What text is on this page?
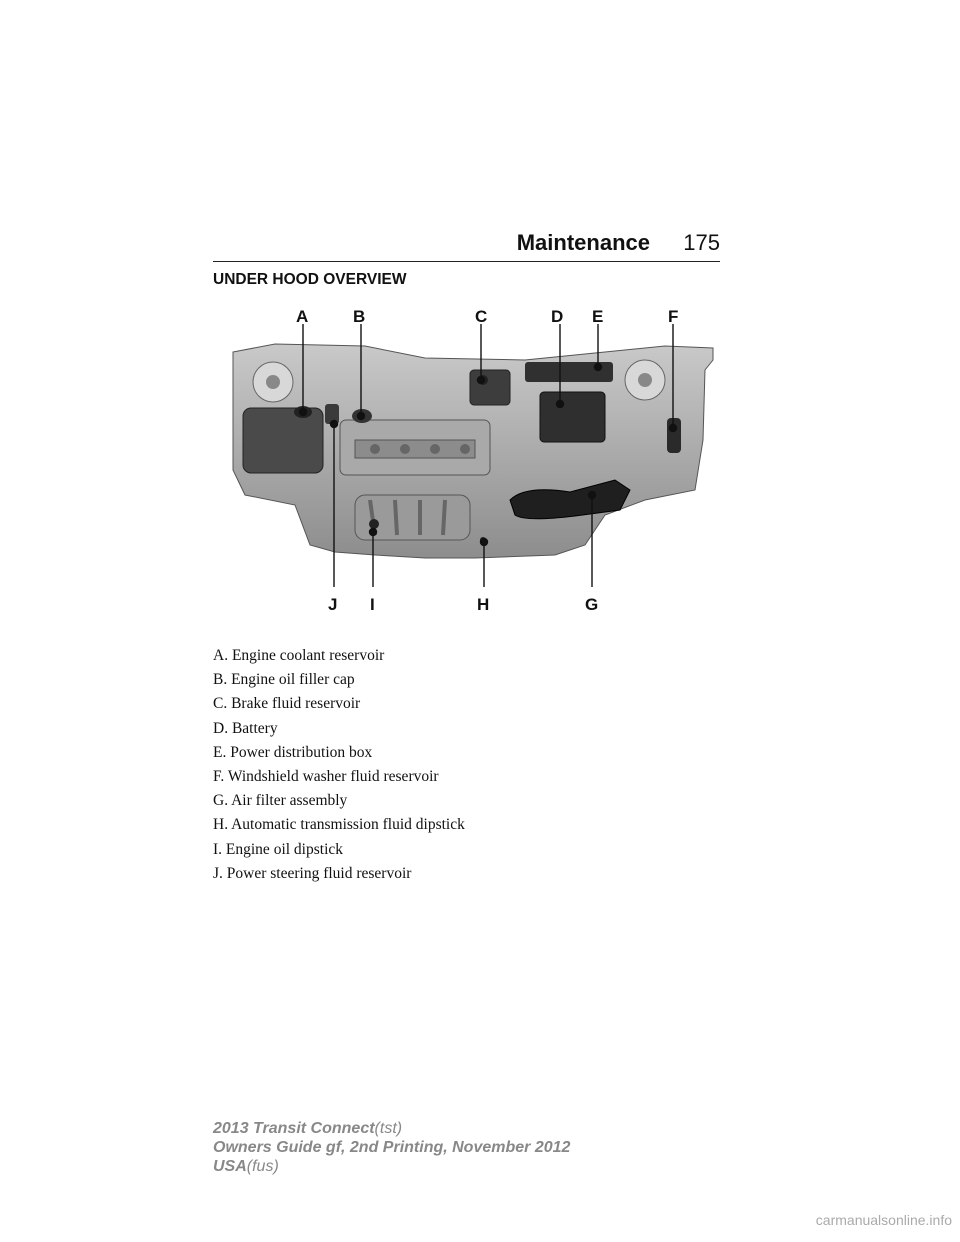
Maintenance 175
UNDER HOOD OVERVIEW
A	B	C	D E	F
J I	H	G
A. Engine coolant reservoir
B. Engine oil filler cap
C. Brake fluid reservoir
D. Battery
E. Power distribution box
F. Windshield washer fluid reservoir
G. Air filter assembly
H. Automatic transmission fluid dipstick
I. Engine oil dipstick
J. Power steering fluid reservoir
2013 Transit Connect(tst)
Owners Guide gf, 2nd Printing, November 2012
USA(fus)
carmanualsonline.info
